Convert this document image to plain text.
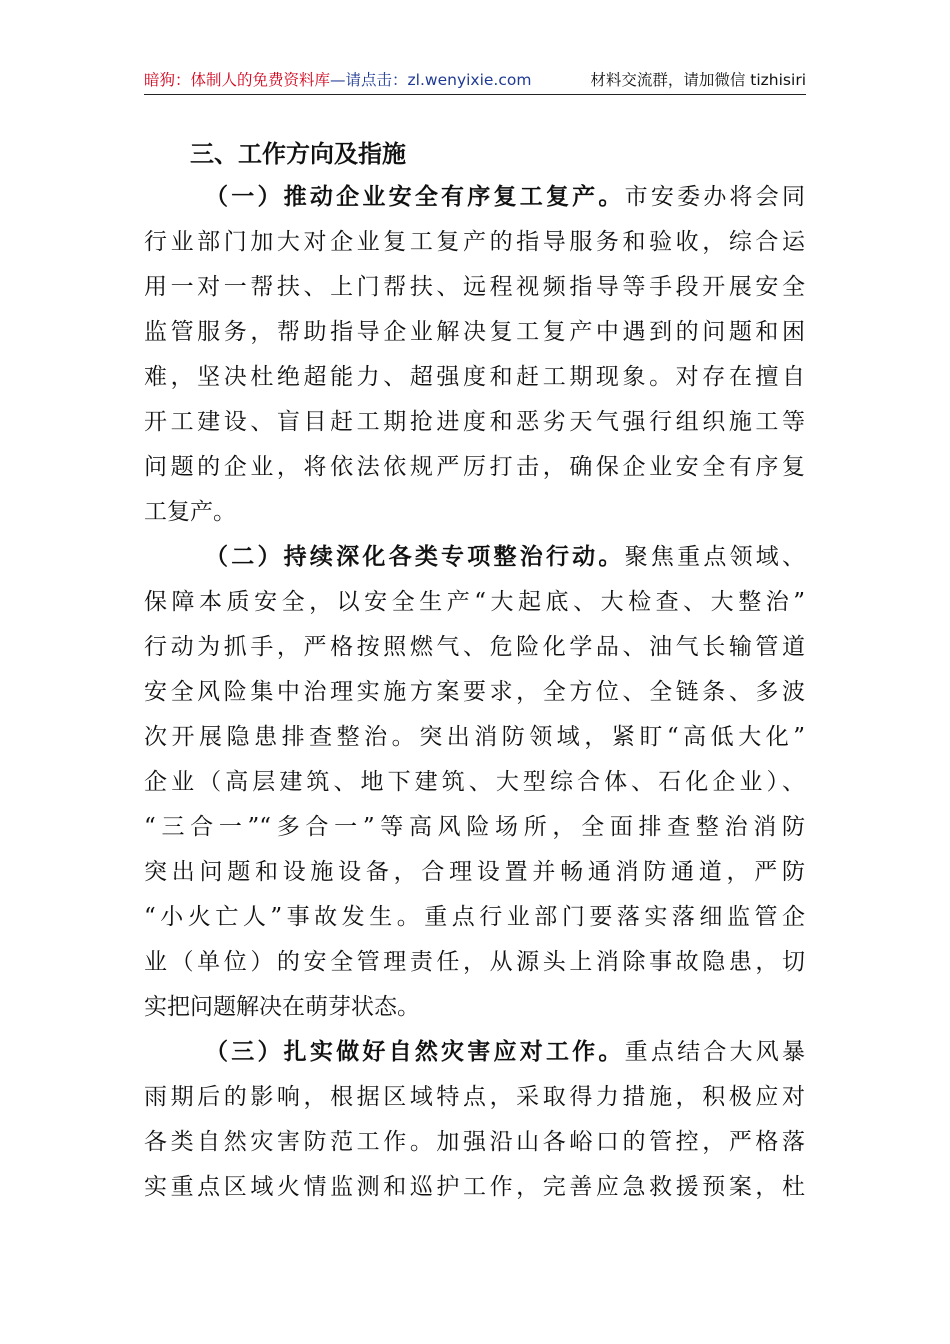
暗狗：体制人的免费资料库—请点击：zl.wenyixie.com	材料交流群，请加微信 tizhisiri
三、工作方向及指施
（一）推动企业安全有序复工复产。市安委办将会同
行业部门加大对企业复工复产的指导服务和验收，综合运
用一对一帮扶、上门帮扶、远程视频指导等手段开展安全
监管服务，帮助指导企业解决复工复产中遇到的问题和困
难，坚决杜绝超能力、超强度和赶工期现象。对存在擅自
开工建设、盲目赶工期抢进度和恶劣天气强行组织施工等
问题的企业，将依法依规严厉打击，确保企业安全有序复
工复产。
（二）持续深化各类专项整治行动。聚焦重点领域、
保障本质安全，以安全生产“大起底、大检查、大整治”
行动为抓手，严格按照燃气、危险化学品、油气长输管道
安全风险集中治理实施方案要求，全方位、全链条、多波
次开展隐患排查整治。突出消防领域，紧盯“高低大化”
企业（高层建筑、地下建筑、大型综合体、石化企业）、
“三合一”“多合一”等高风险场所，全面排查整治消防
突出问题和设施设备，合理设置并畅通消防通道，严防
“小火亡人”事故发生。重点行业部门要落实落细监管企
业（单位）的安全管理责任，从源头上消除事故隐患，切
实把问题解决在萌芽状态。
（三）扎实做好自然灾害应对工作。重点结合大风暴
雨期后的影响，根据区域特点，采取得力措施，积极应对
各类自然灾害防范工作。加强沿山各峪口的管控，严格落
实重点区域火情监测和巡护工作，完善应急救援预案，杜
